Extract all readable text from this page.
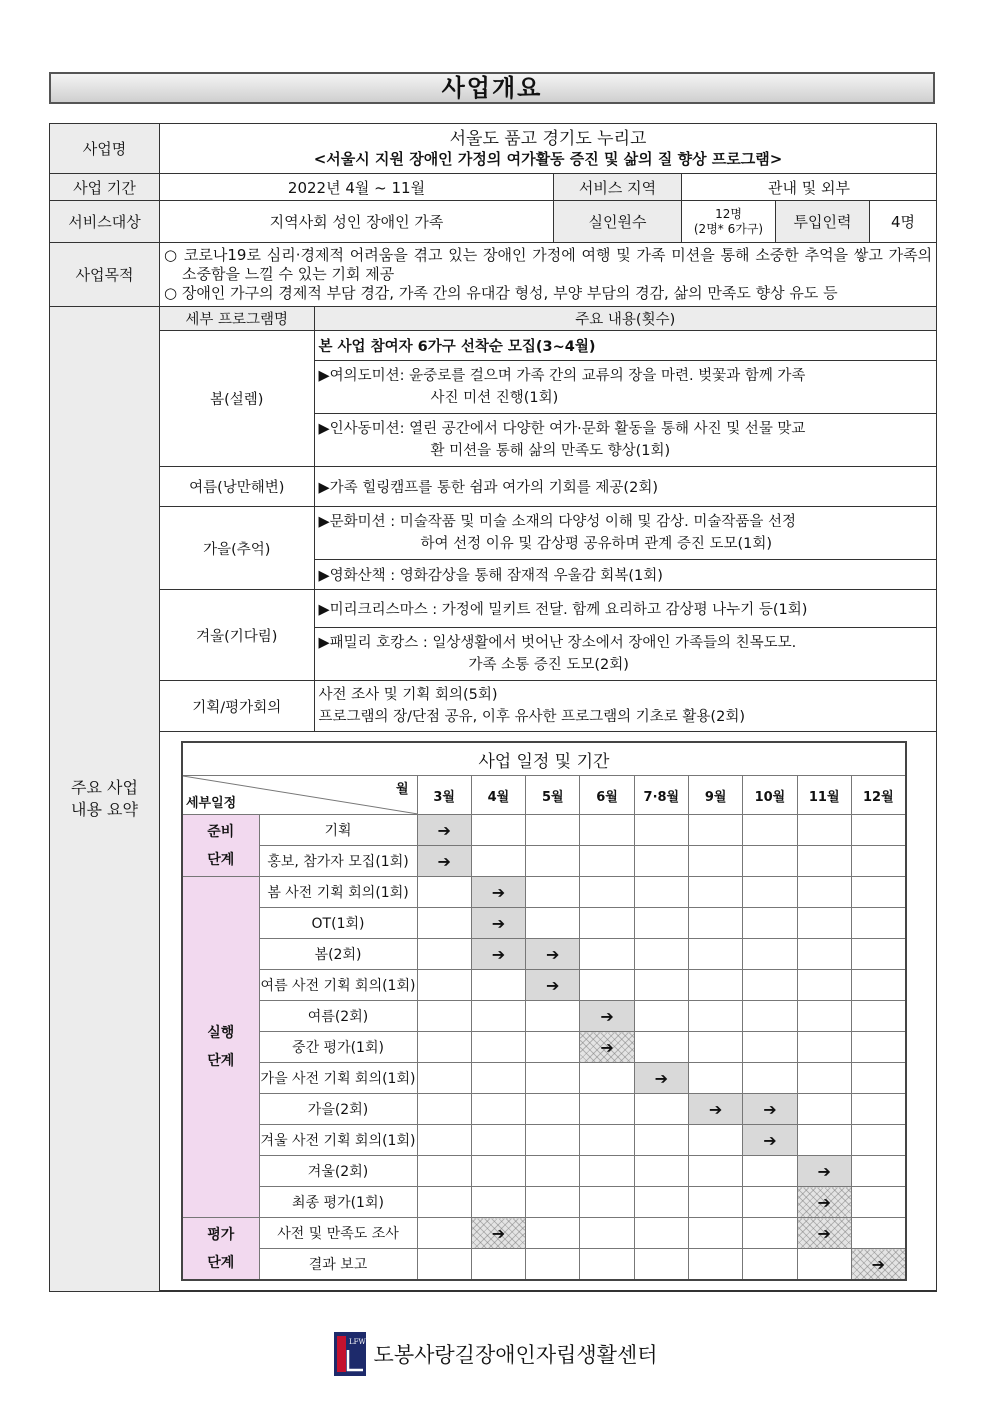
사업개요
사업명	
서울도 품고 경기도 누리고
<서울시 지원 장애인 가정의 여가활동 증진 및 삶의 질 향상 프로그램>

사업 기간	2022년 4월 ~ 11월	서비스 지역	관내 및 외부
서비스대상	지역사회 성인 장애인 가족	실인원수	12명
(2명* 6가구)	투입인력	4명
사업목적	

○ 코로나19로 심리·경제적 어려움을 겪고 있는 장애인 가정에 여행 및 가족 미션을 통해 소중한 추억을 쌓고 가족의 소중함을 느낄 수 있는 기회 제공

○ 장애인 가구의 경제적 부담 경감, 가족 간의 유대감 형성, 부양 부담의 경감, 삶의 만족도 향상 유도 등

주요 사업
내용 요약	
세부 프로그램명	주요 내용(횟수)
봄(설렘)	본 사업 참여자 6가구 선착순 모집(3~4월)
▶여의도미션: 윤중로를 걸으며 가족 간의 교류의 장을 마련. 벚꽃과 함께 가족
사진 미션 진행(1회)

▶인사동미션: 열린 공간에서 다양한 여가·문화 활동을 통해 사진 및 선물 맞교
환 미션을 통해 삶의 만족도 향상(1회)

여름(낭만해변)	▶가족 힐링캠프를 통한 쉼과 여가의 기회를 제공(2회)
가을(추억)	▶문화미션 : 미술작품 및 미술 소재의 다양성 이해 및 감상. 미술작품을 선정
하여 선정 이유 및 감상평 공유하며 관계 증진 도모(1회)

▶영화산책 : 영화감상을 통해 잠재적 우울감 회복(1회)
겨울(기다림)	▶미리크리스마스 : 가정에 밀키트 전달. 함께 요리하고 감상평 나누기 등(1회)
▶패밀리 호캉스 : 일상생활에서 벗어난 장소에서 장애인 가족들의 친목도모.
가족 소통 증진 도모(2회)

기획/평가회의	
사전 조사 및 기획 회의(5회)
프로그램의 장/단점 공유, 이후 유사한 프로그램의 기초로 활용(2회)

사업 일정 및 기간

월
세부일정	3월	4월	5월	6월	7·8월	9월	10월	11월	12월

준비
단계
	기획	➔								
홍보, 참가자 모집(1회)	➔								

실행
단계
	봄 사전 기획 회의(1회)		➔							
OT(1회)		➔							
봄(2회)		➔	➔						
여름 사전 기획 회의(1회)			➔						
여름(2회)				➔					
중간 평가(1회)				➔					
가을 사전 기획 회의(1회)					➔				
가을(2회)						➔	➔		
겨울 사전 기획 회의(1회)							➔		
겨울(2회)								➔	
최종 평가(1회)								➔	

평가
단계
	사전 및 만족도 조사		➔						➔	
결과 보고									➔
LFW
도봉사랑길장애인자립생활센터
